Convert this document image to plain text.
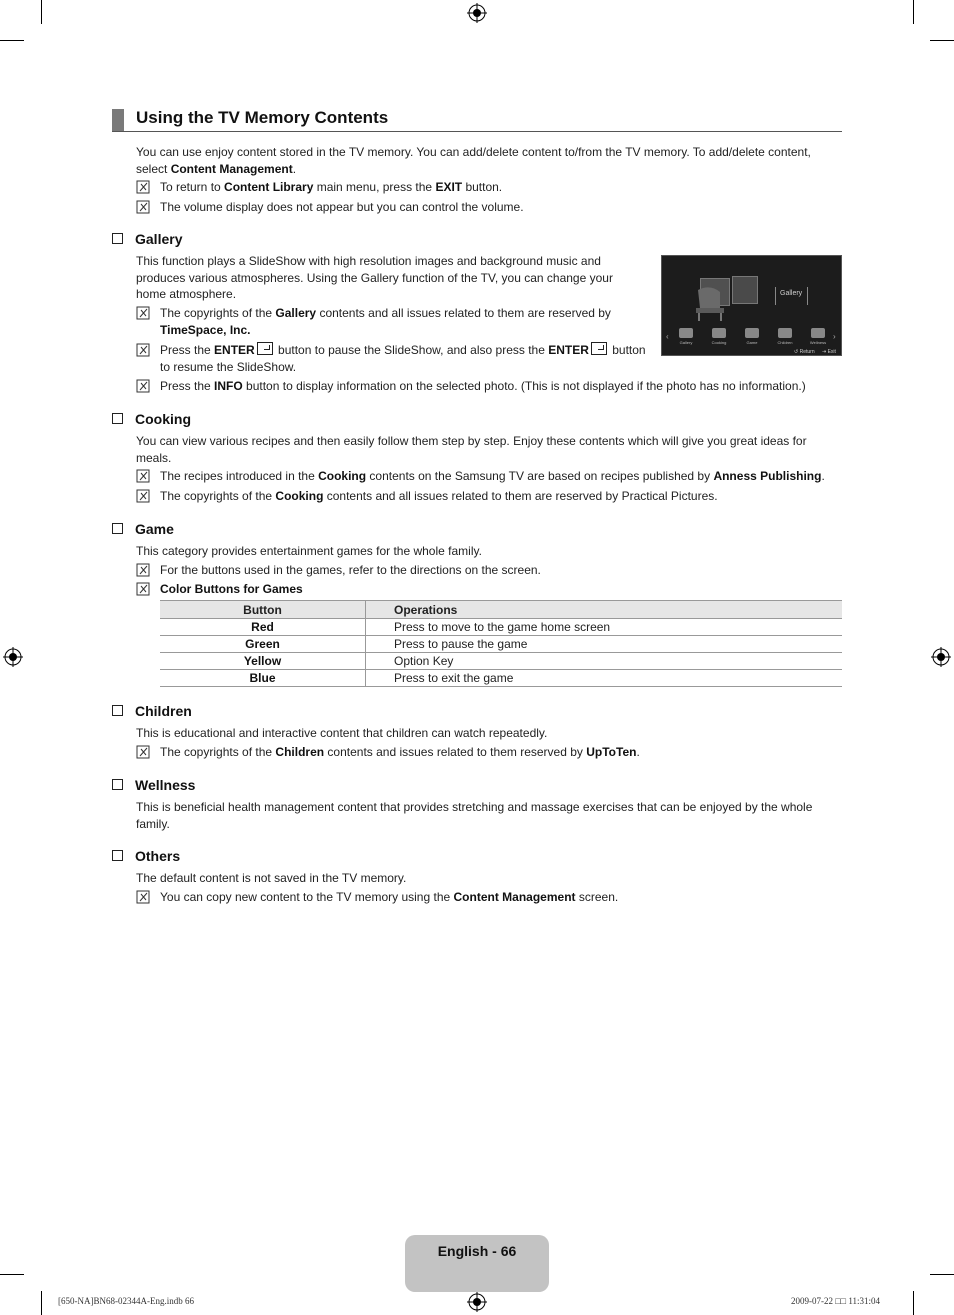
Using the TV Memory Contents
You can use enjoy content stored in the TV memory. You can add/delete content to/from the TV memory. To add/delete content, select Content Management.
To return to Content Library main menu, press the EXIT button.
The volume display does not appear but you can control the volume.
Gallery
This function plays a SlideShow with high resolution images and background music and produces various atmospheres. Using the Gallery function of the TV, you can change your home atmosphere.
The copyrights of the Gallery contents and all issues related to them are reserved by TimeSpace, Inc.
Press the ENTER button to pause the SlideShow, and also press the ENTER button to resume the SlideShow.
Press the INFO button to display information on the selected photo. (This is not displayed if the photo has no information.)
Gallery
‹	›
Gallery	Cooking	Game	Children	Wellness
↺ Return ⇥ Exit
Cooking
You can view various recipes and then easily follow them step by step. Enjoy these contents which will give you great ideas for meals.
The recipes introduced in the Cooking contents on the Samsung TV are based on recipes published by Anness Publishing.
The copyrights of the Cooking contents and all issues related to them are reserved by Practical Pictures.
Game
This category provides entertainment games for the whole family.
For the buttons used in the games, refer to the directions on the screen.
Color Buttons for Games
Button	Operations
Red	Press to move to the game home screen
Green	Press to pause the game
Yellow	Option Key
Blue	Press to exit the game
Children
This is educational and interactive content that children can watch repeatedly.
The copyrights of the Children contents and issues related to them reserved by UpToTen.
Wellness
This is beneficial health management content that provides stretching and massage exercises that can be enjoyed by the whole family.
Others
The default content is not saved in the TV memory.
You can copy new content to the TV memory using the Content Management screen.
English - 66
[650-NA]BN68-02344A-Eng.indb 66	2009-07-22 □□ 11:31:04
